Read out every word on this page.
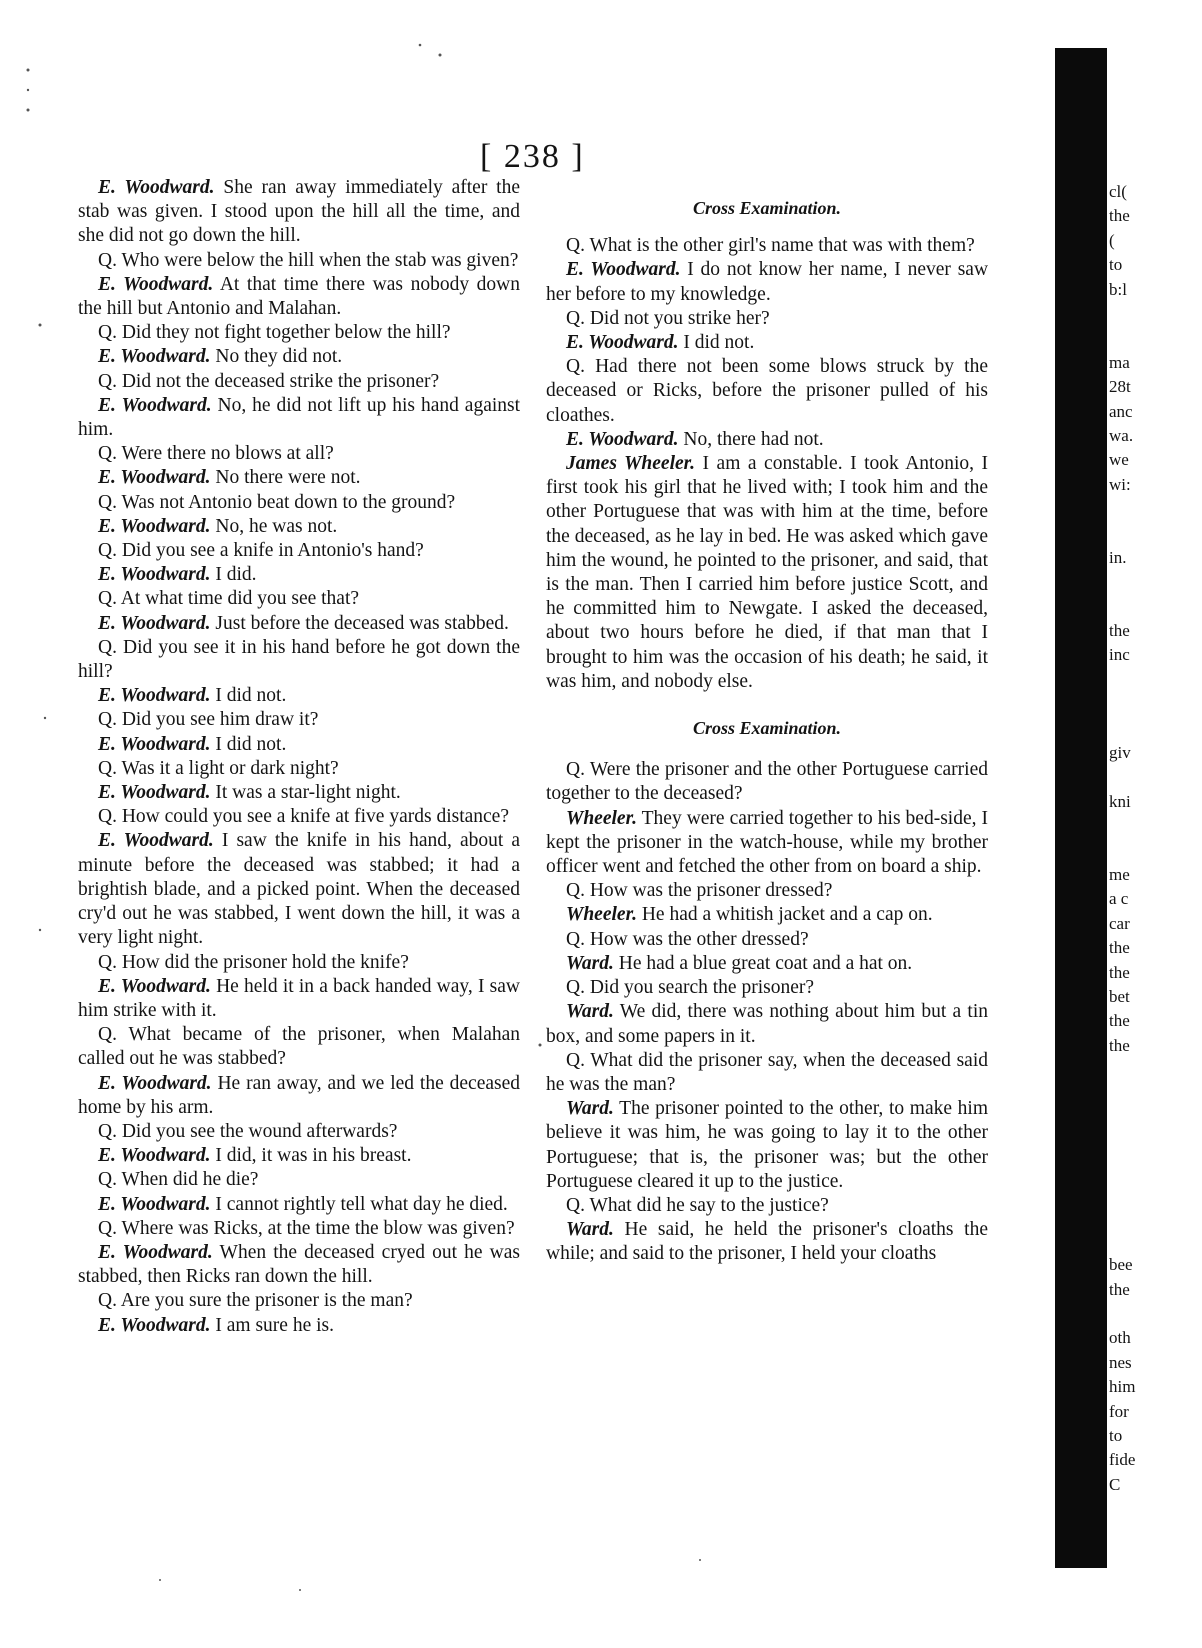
cl(
the
(
to
b:l
ma
28t
anc
wa.
we
wi:
in.
the
inc
giv
kni
me
a c
car
the
the
bet
the
the
bee
the
oth
nes
him
for
to
fide
C
[ 238 ]

E. Woodward. She ran away immediately after the stab was given. I stood upon the hill all the time, and she did not go down the hill.

Q. Who were below the hill when the stab was given?

E. Woodward. At that time there was nobody down the hill but Antonio and Malahan.

Q. Did they not fight together below the hill?

E. Woodward. No they did not.

Q. Did not the deceased strike the prisoner?

E. Woodward. No, he did not lift up his hand against him.

Q. Were there no blows at all?

E. Woodward. No there were not.

Q. Was not Antonio beat down to the ground?

E. Woodward. No, he was not.

Q. Did you see a knife in Antonio's hand?

E. Woodward. I did.

Q. At what time did you see that?

E. Woodward. Just before the deceased was stabbed.

Q. Did you see it in his hand before he got down the hill?

E. Woodward. I did not.

Q. Did you see him draw it?

E. Woodward. I did not.

Q. Was it a light or dark night?

E. Woodward. It was a star-light night.

Q. How could you see a knife at five yards distance?

E. Woodward. I saw the knife in his hand, about a minute before the deceased was stabbed; it had a brightish blade, and a picked point. When the deceased cry'd out he was stabbed, I went down the hill, it was a very light night.

Q. How did the prisoner hold the knife?

E. Woodward. He held it in a back handed way, I saw him strike with it.

Q. What became of the prisoner, when Malahan called out he was stabbed?

E. Woodward. He ran away, and we led the deceased home by his arm.

Q. Did you see the wound afterwards?

E. Woodward. I did, it was in his breast.

Q. When did he die?

E. Woodward. I cannot rightly tell what day he died.

Q. Where was Ricks, at the time the blow was given?

E. Woodward. When the deceased cryed out he was stabbed, then Ricks ran down the hill.

Q. Are you sure the prisoner is the man?

E. Woodward. I am sure he is.

Cross Examination.

Q. What is the other girl's name that was with them?

E. Woodward. I do not know her name, I never saw her before to my knowledge.

Q. Did not you strike her?

E. Woodward. I did not.

Q. Had there not been some blows struck by the deceased or Ricks, before the prisoner pulled of his cloathes.

E. Woodward. No, there had not.

James Wheeler. I am a constable. I took Antonio, I first took his girl that he lived with; I took him and the other Portuguese that was with him at the time, before the deceased, as he lay in bed. He was asked which gave him the wound, he pointed to the prisoner, and said, that is the man. Then I carried him before justice Scott, and he committed him to Newgate. I asked the deceased, about two hours before he died, if that man that I brought to him was the occasion of his death; he said, it was him, and nobody else.

Cross Examination.

Q. Were the prisoner and the other Portuguese carried together to the deceased?

Wheeler. They were carried together to his bed-side, I kept the prisoner in the watch-house, while my brother officer went and fetched the other from on board a ship.

Q. How was the prisoner dressed?

Wheeler. He had a whitish jacket and a cap on.

Q. How was the other dressed?

Ward. He had a blue great coat and a hat on.

Q. Did you search the prisoner?

Ward. We did, there was nothing about him but a tin box, and some papers in it.

Q. What did the prisoner say, when the deceased said he was the man?

Ward. The prisoner pointed to the other, to make him believe it was him, he was going to lay it to the other Portuguese; that is, the prisoner was; but the other Portuguese cleared it up to the justice.

Q. What did he say to the justice?

Ward. He said, he held the prisoner's cloaths the while; and said to the prisoner, I held your cloaths
